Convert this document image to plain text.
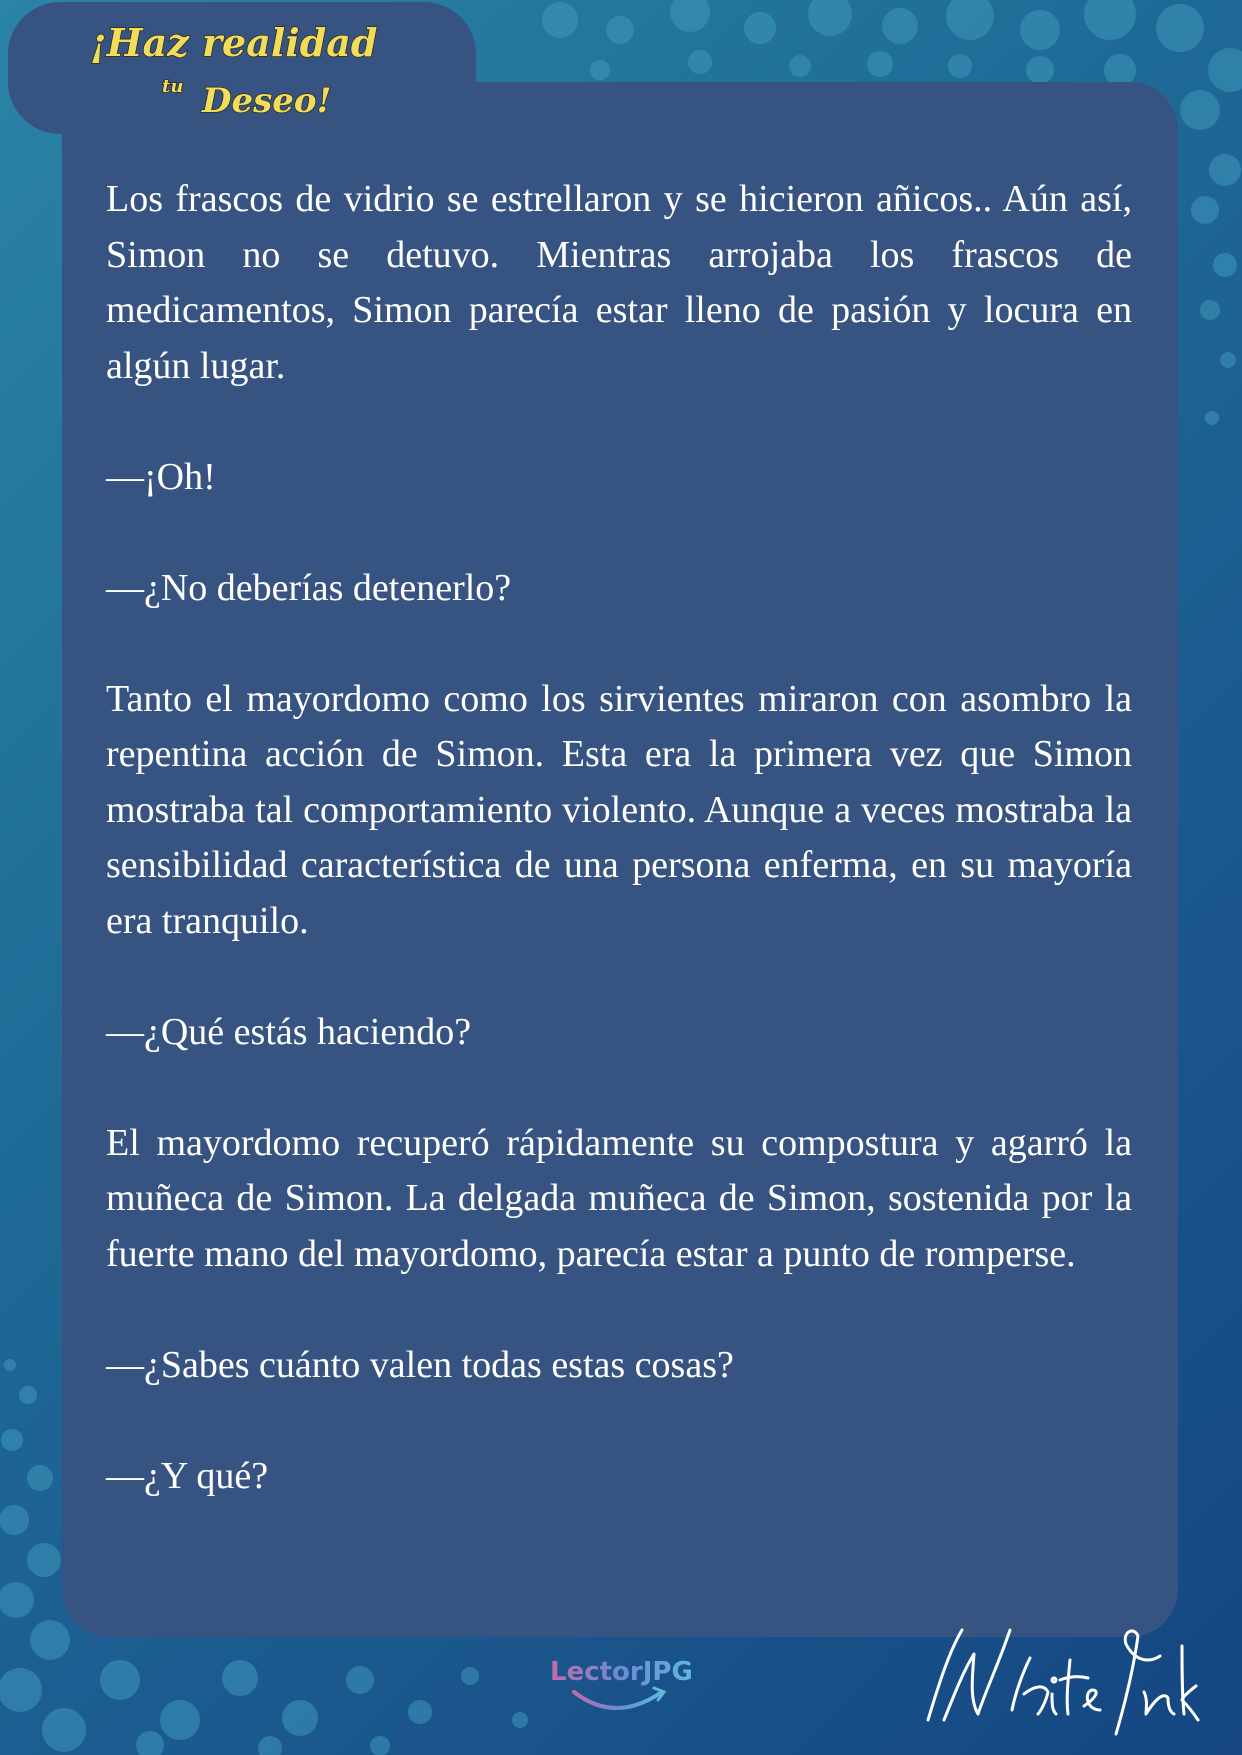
¡Haz realidad
tu Deseo!

Los frascos de vidrio se estrellaron y se hicieron añicos.. Aún así, Simon no se detuvo. Mientras arrojaba los frascos de medicamentos, Simon parecía estar lleno de pasión y locura en algún lugar.

—¡Oh!

—¿No deberías detenerlo?

Tanto el mayordomo como los sirvientes miraron con asombro la repentina acción de Simon. Esta era la primera vez que Simon mostraba tal comportamiento violento. Aunque a veces mostraba la sensibilidad característica de una persona enferma, en su mayoría era tranquilo.

—¿Qué estás haciendo?

El mayordomo recuperó rápidamente su compostura y agarró la muñeca de Simon. La delgada muñeca de Simon, sostenida por la fuerte mano del mayordomo, parecía estar a punto de romperse.

—¿Sabes cuánto valen todas estas cosas?

—¿Y qué?

LectorJPG
